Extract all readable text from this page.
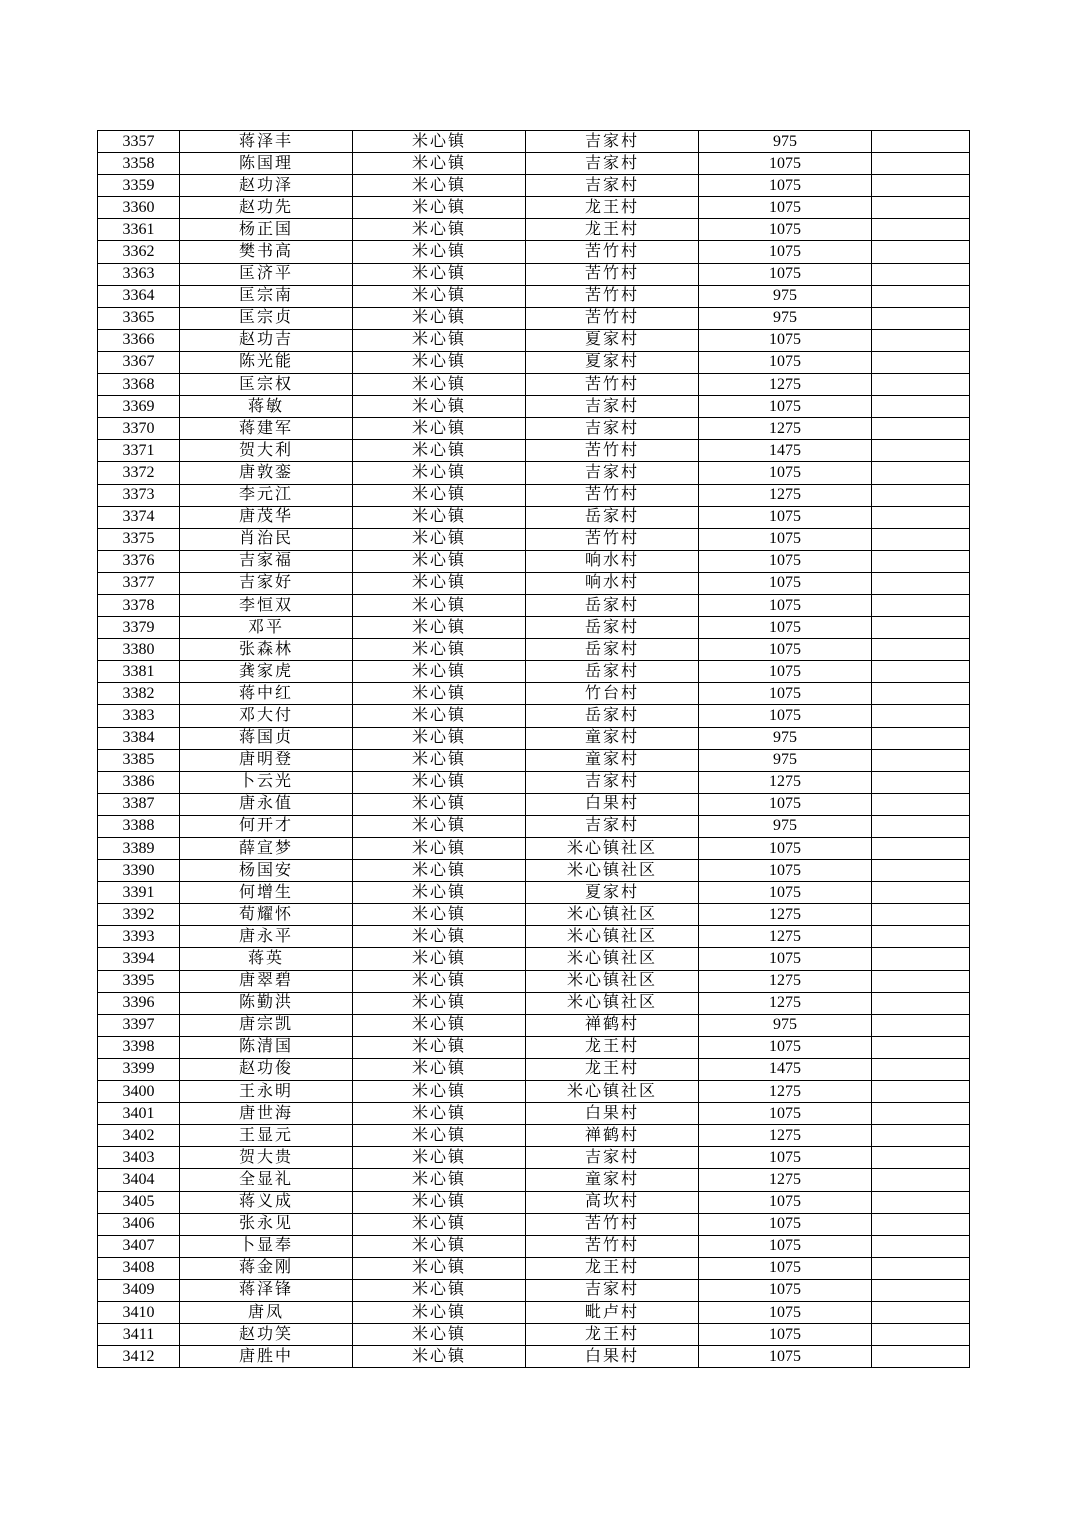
3357	蒋泽丰	米心镇	吉家村	975	
3358	陈国理	米心镇	吉家村	1075	
3359	赵功泽	米心镇	吉家村	1075	
3360	赵功先	米心镇	龙王村	1075	
3361	杨正国	米心镇	龙王村	1075	
3362	樊书高	米心镇	苦竹村	1075	
3363	匡济平	米心镇	苦竹村	1075	
3364	匡宗南	米心镇	苦竹村	975	
3365	匡宗贞	米心镇	苦竹村	975	
3366	赵功吉	米心镇	夏家村	1075	
3367	陈光能	米心镇	夏家村	1075	
3368	匡宗权	米心镇	苦竹村	1275	
3369	蒋敏	米心镇	吉家村	1075	
3370	蒋建军	米心镇	吉家村	1275	
3371	贺大利	米心镇	苦竹村	1475	
3372	唐敦銮	米心镇	吉家村	1075	
3373	李元江	米心镇	苦竹村	1275	
3374	唐茂华	米心镇	岳家村	1075	
3375	肖治民	米心镇	苦竹村	1075	
3376	吉家福	米心镇	响水村	1075	
3377	吉家好	米心镇	响水村	1075	
3378	李恒双	米心镇	岳家村	1075	
3379	邓平	米心镇	岳家村	1075	
3380	张森林	米心镇	岳家村	1075	
3381	龚家虎	米心镇	岳家村	1075	
3382	蒋中红	米心镇	竹台村	1075	
3383	邓大付	米心镇	岳家村	1075	
3384	蒋国贞	米心镇	童家村	975	
3385	唐明登	米心镇	童家村	975	
3386	卜云光	米心镇	吉家村	1275	
3387	唐永值	米心镇	白果村	1075	
3388	何开才	米心镇	吉家村	975	
3389	薛宣梦	米心镇	米心镇社区	1075	
3390	杨国安	米心镇	米心镇社区	1075	
3391	何增生	米心镇	夏家村	1075	
3392	荀耀怀	米心镇	米心镇社区	1275	
3393	唐永平	米心镇	米心镇社区	1275	
3394	蒋英	米心镇	米心镇社区	1075	
3395	唐翠碧	米心镇	米心镇社区	1275	
3396	陈勤洪	米心镇	米心镇社区	1275	
3397	唐宗凯	米心镇	禅鹤村	975	
3398	陈清国	米心镇	龙王村	1075	
3399	赵功俊	米心镇	龙王村	1475	
3400	王永明	米心镇	米心镇社区	1275	
3401	唐世海	米心镇	白果村	1075	
3402	王显元	米心镇	禅鹤村	1275	
3403	贺大贵	米心镇	吉家村	1075	
3404	全显礼	米心镇	童家村	1275	
3405	蒋义成	米心镇	高坎村	1075	
3406	张永见	米心镇	苦竹村	1075	
3407	卜显奉	米心镇	苦竹村	1075	
3408	蒋金刚	米心镇	龙王村	1075	
3409	蒋泽锋	米心镇	吉家村	1075	
3410	唐凤	米心镇	毗卢村	1075	
3411	赵功笑	米心镇	龙王村	1075	
3412	唐胜中	米心镇	白果村	1075	
